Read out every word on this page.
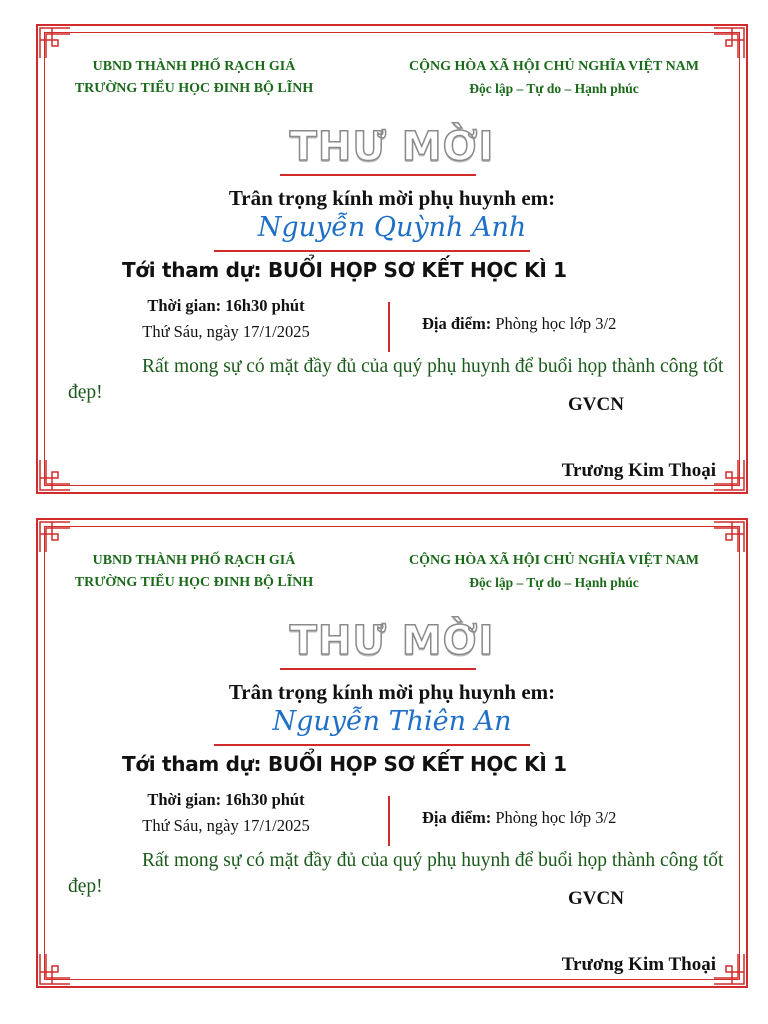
UBND THÀNH PHỐ RẠCH GIÁ
TRƯỜNG TIỂU HỌC ĐINH BỘ LĨNH
CỘNG HÒA XÃ HỘI CHỦ NGHĨA VIỆT NAM
Độc lập – Tự do – Hạnh phúc
THƯ MỜI
Trân trọng kính mời phụ huynh em:
Nguyễn Quỳnh Anh
Tới tham dự: BUỔI HỌP SƠ KẾT HỌC KÌ 1
Thời gian: 16h30 phút
Thứ Sáu, ngày 17/1/2025	Địa điểm: Phòng học lớp 3/2
Rất mong sự có mặt đầy đủ của quý phụ huynh để buổi họp thành công tốt đẹp!
GVCN
Trương Kim Thoại
UBND THÀNH PHỐ RẠCH GIÁ
TRƯỜNG TIỂU HỌC ĐINH BỘ LĨNH
CỘNG HÒA XÃ HỘI CHỦ NGHĨA VIỆT NAM
Độc lập – Tự do – Hạnh phúc
THƯ MỜI
Trân trọng kính mời phụ huynh em:
Nguyễn Thiên An
Tới tham dự: BUỔI HỌP SƠ KẾT HỌC KÌ 1
Thời gian: 16h30 phút
Thứ Sáu, ngày 17/1/2025	Địa điểm: Phòng học lớp 3/2
Rất mong sự có mặt đầy đủ của quý phụ huynh để buổi họp thành công tốt đẹp!
GVCN
Trương Kim Thoại
